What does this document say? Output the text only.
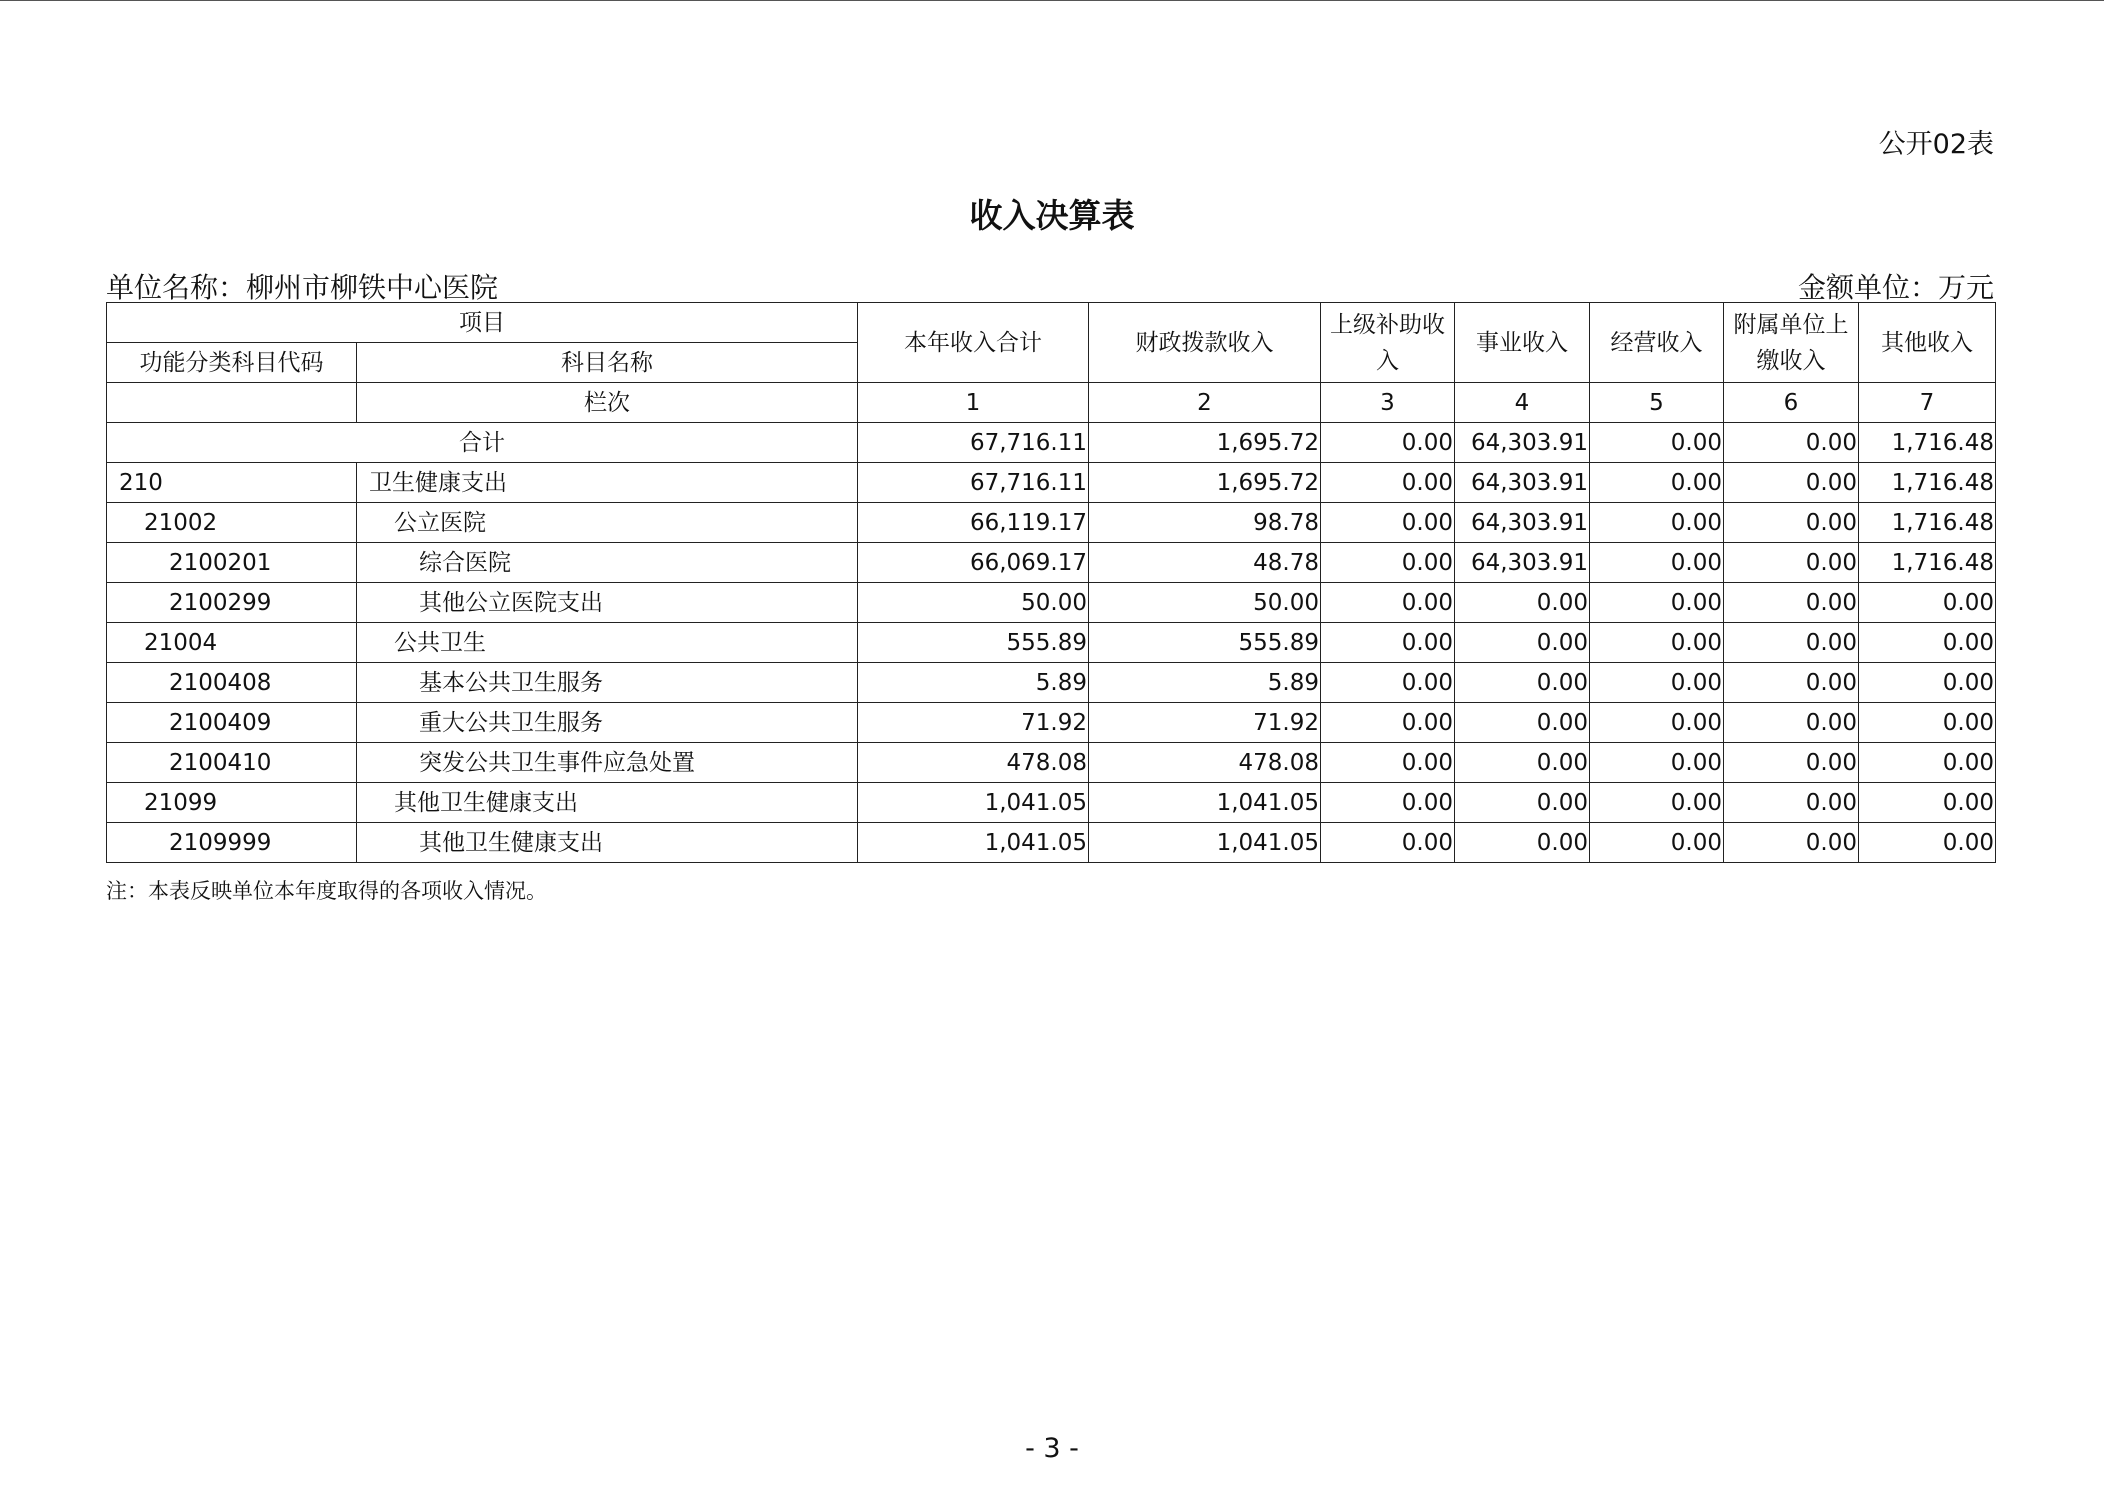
公开02表
收入决算表
单位名称：柳州市柳铁中心医院	金额单位：万元
项目		本年收入合计	财政拨款收入	上级补助收入	事业收入	经营收入	附属单位上缴收入	其他收入
功能分类科目代码	科目名称							
	栏次	1	2	3	4	5	6	7
合计		67,716.11	1,695.72	0.00	64,303.91	0.00	0.00	1,716.48
210	卫生健康支出	67,716.11	1,695.72	0.00	64,303.91	0.00	0.00	1,716.48
21002	公立医院	66,119.17	98.78	0.00	64,303.91	0.00	0.00	1,716.48
2100201	综合医院	66,069.17	48.78	0.00	64,303.91	0.00	0.00	1,716.48
2100299	其他公立医院支出	50.00	50.00	0.00	0.00	0.00	0.00	0.00
21004	公共卫生	555.89	555.89	0.00	0.00	0.00	0.00	0.00
2100408	基本公共卫生服务	5.89	5.89	0.00	0.00	0.00	0.00	0.00
2100409	重大公共卫生服务	71.92	71.92	0.00	0.00	0.00	0.00	0.00
2100410	突发公共卫生事件应急处置	478.08	478.08	0.00	0.00	0.00	0.00	0.00
21099	其他卫生健康支出	1,041.05	1,041.05	0.00	0.00	0.00	0.00	0.00
2109999	其他卫生健康支出	1,041.05	1,041.05	0.00	0.00	0.00	0.00	0.00
注：本表反映单位本年度取得的各项收入情况。
- 3 -
